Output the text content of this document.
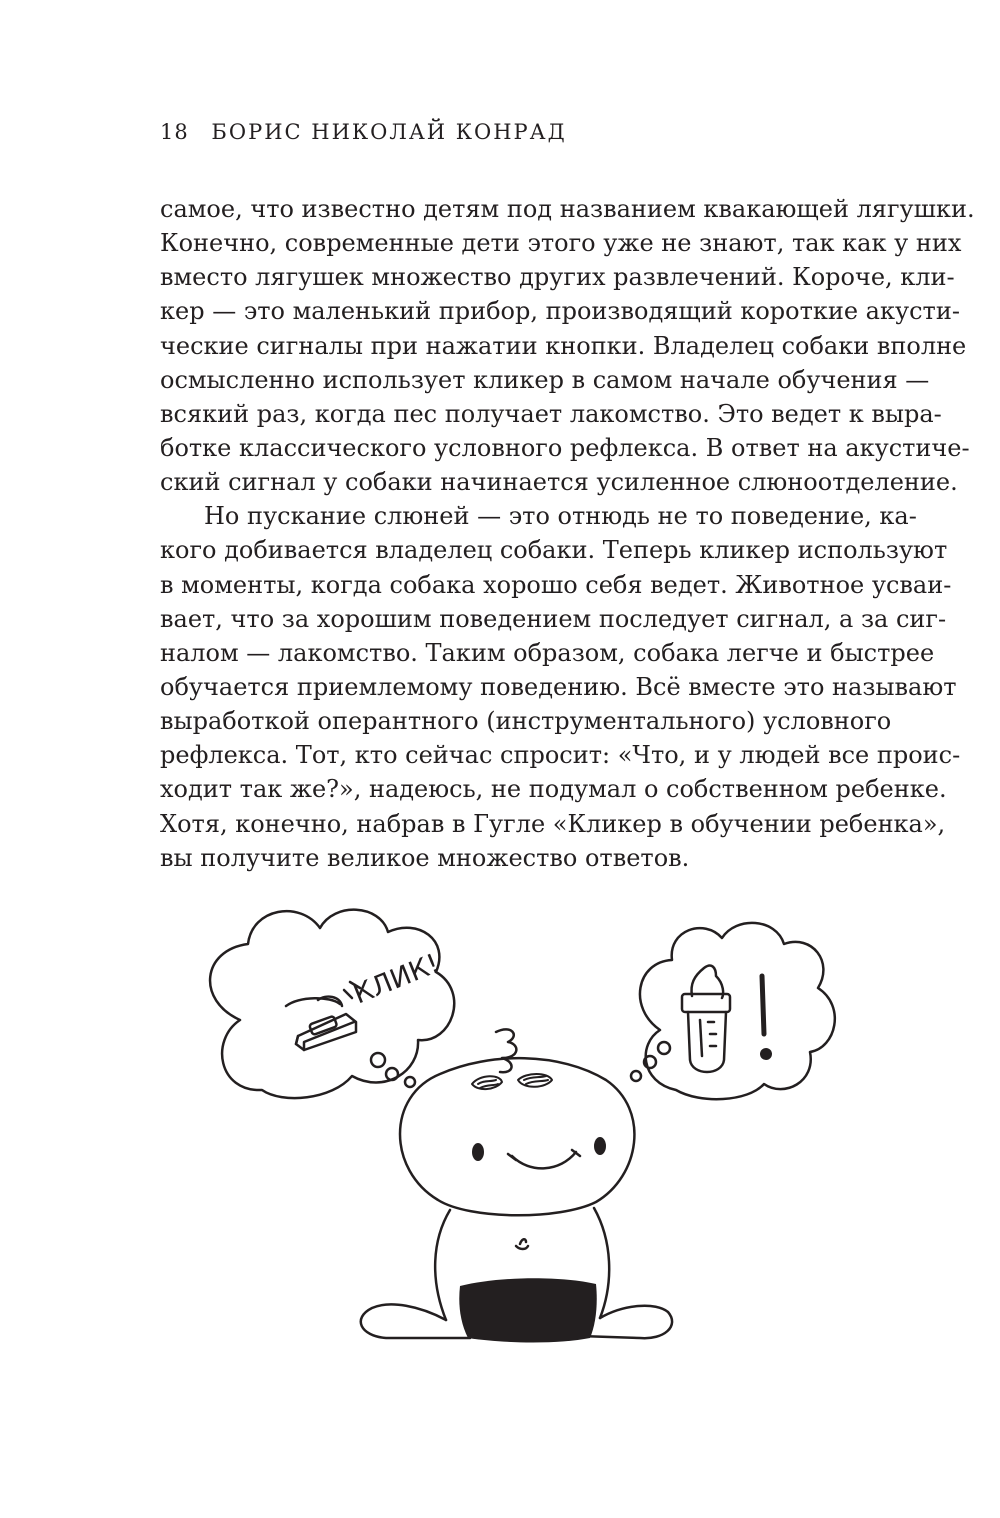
18 БОРИС НИКОЛАЙ КОНРАД
самое, что известно детям под названием квакающей лягушки.
Конечно, современные дети этого уже не знают, так как у них
вместо лягушек множество других развлечений. Короче, кли-
кер — это маленький прибор, производящий короткие акусти-
ческие сигналы при нажатии кнопки. Владелец собаки вполне
осмысленно использует кликер в самом начале обучения —
всякий раз, когда пес получает лакомство. Это ведет к выра-
ботке классического условного рефлекса. В ответ на акустиче-
ский сигнал у собаки начинается усиленное слюноотделение.
Но пускание слюней — это отнюдь не то поведение, ка-
кого добивается владелец собаки. Теперь кликер используют
в моменты, когда собака хорошо себя ведет. Животное усваи-
вает, что за хорошим поведением последует сигнал, а за сиг-
налом — лакомство. Таким образом, собака легче и быстрее
обучается приемлемому поведению. Всё вместе это называют
выработкой оперантного (инструментального) условного
рефлекса. Тот, кто сейчас спросит: «Что, и у людей все проис-
ходит так же?», надеюсь, не подумал о собственном ребенке.
Хотя, конечно, набрав в Гугле «Кликер в обучении ребенка»,
вы получите великое множество ответов.
КЛИК!	!
